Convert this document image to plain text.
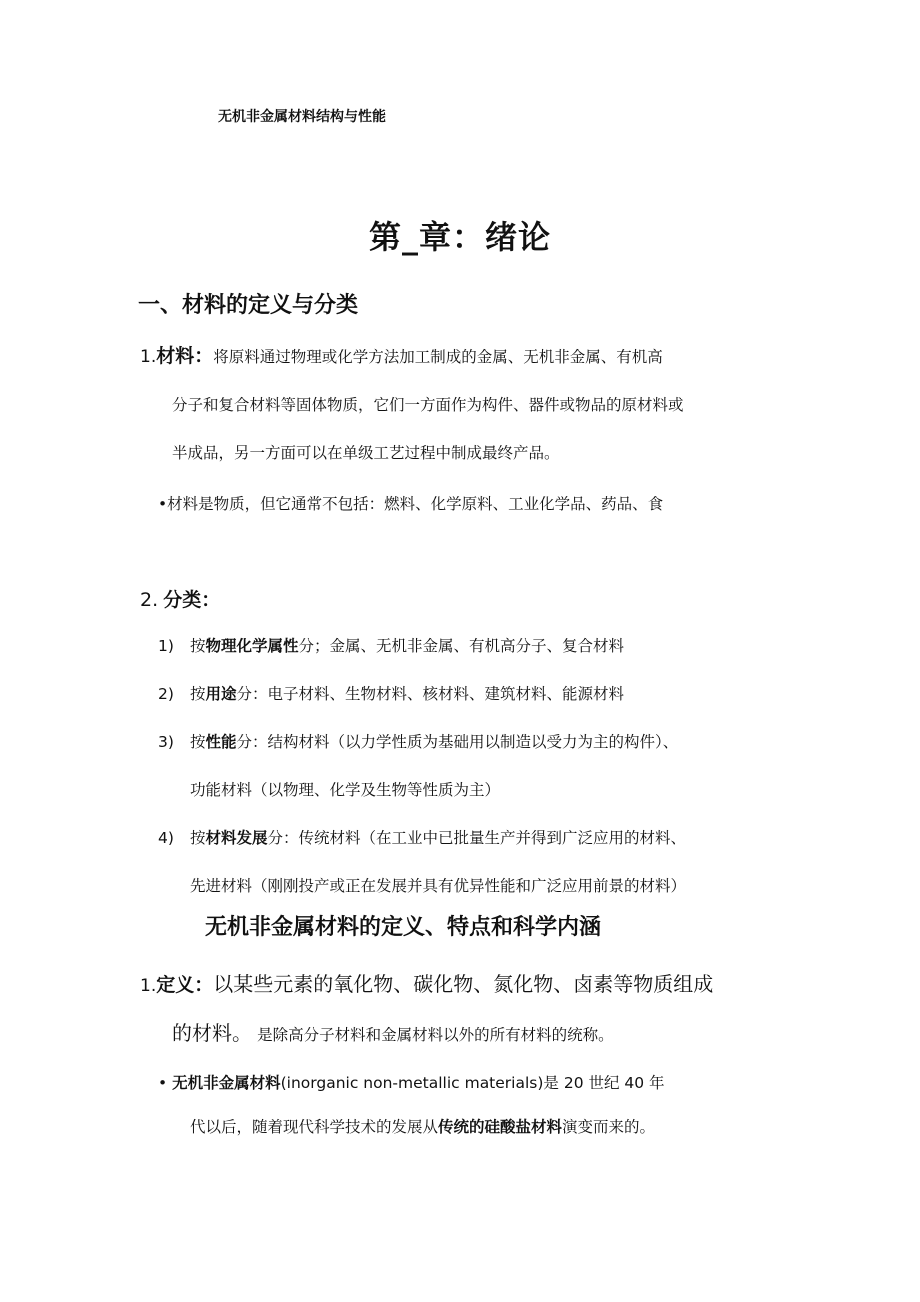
无机非金属材料结构与性能
第_章：绪论
一、材料的定义与分类
1.材料：将原料通过物理或化学方法加工制成的金属、无机非金属、有机高
分子和复合材料等固体物质，它们一方面作为构件、器件或物品的原材料或
半成品，另一方面可以在单级工艺过程中制成最终产品。
•材料是物质，但它通常不包括：燃料、化学原料、工业化学品、药品、食
2. 分类：
1) 按物理化学属性分；金属、无机非金属、有机高分子、复合材料
2) 按用途分：电子材料、生物材料、核材料、建筑材料、能源材料
3) 按性能分：结构材料（以力学性质为基础用以制造以受力为主的构件）、
功能材料（以物理、化学及生物等性质为主）
4) 按材料发展分：传统材料（在工业中已批量生产并得到广泛应用的材料、
先进材料（刚刚投产或正在发展并具有优异性能和广泛应用前景的材料）
无机非金属材料的定义、特点和科学内涵
1.定义：以某些元素的氧化物、碳化物、氮化物、卤素等物质组成
的材料。 是除高分子材料和金属材料以外的所有材料的统称。
• 无机非金属材料(inorganic non-metallic materials)是 20 世纪 40 年
代以后，随着现代科学技术的发展从传统的硅酸盐材料演变而来的。
